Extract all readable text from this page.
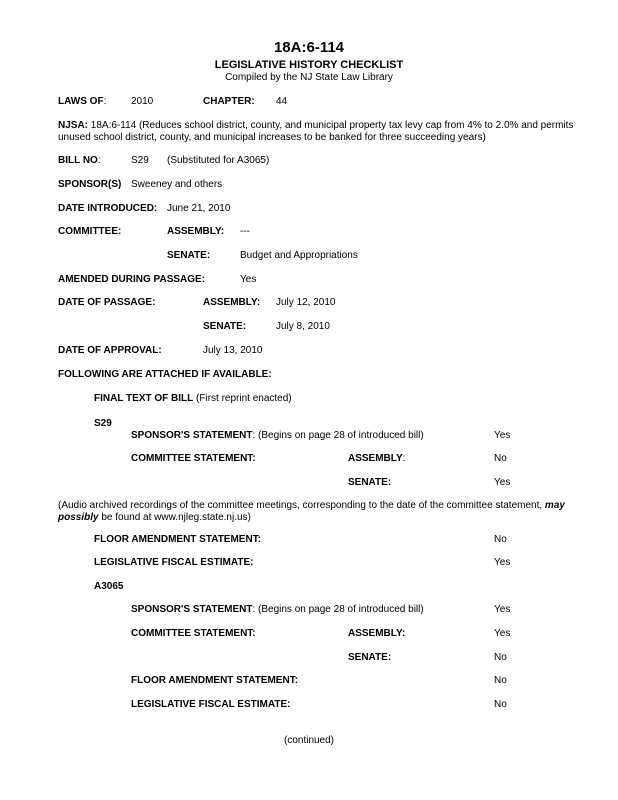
18A:6-114
LEGISLATIVE HISTORY CHECKLIST
Compiled by the NJ State Law Library
LAWS OF: 2010	CHAPTER: 44
NJSA: 18A:6-114 (Reduces school district, county, and municipal property tax levy cap from 4% to 2.0% and permits unused school district, county, and municipal increases to be banked for three succeeding years)
BILL NO:	S29 (Substituted for A3065)
SPONSOR(S) Sweeney and others
DATE INTRODUCED: June 21, 2010
COMMITTEE:	ASSEMBLY: ---
SENATE:	Budget and Appropriations
AMENDED DURING PASSAGE:	Yes
DATE OF PASSAGE:	ASSEMBLY: July 12, 2010
SENATE:	July 8, 2010
DATE OF APPROVAL:	July 13, 2010
FOLLOWING ARE ATTACHED IF AVAILABLE:
FINAL TEXT OF BILL (First reprint enacted)
S29
SPONSOR'S STATEMENT: (Begins on page 28 of introduced bill)	Yes
COMMITTEE STATEMENT:	ASSEMBLY:	No
SENATE:	Yes
(Audio archived recordings of the committee meetings, corresponding to the date of the committee statement, may possibly be found at www.njleg.state.nj.us)
FLOOR AMENDMENT STATEMENT:	No
LEGISLATIVE FISCAL ESTIMATE:	Yes
A3065
SPONSOR'S STATEMENT: (Begins on page 28 of introduced bill)	Yes
COMMITTEE STATEMENT:	ASSEMBLY:	Yes
SENATE:	No
FLOOR AMENDMENT STATEMENT:	No
LEGISLATIVE FISCAL ESTIMATE:	No
(continued)
